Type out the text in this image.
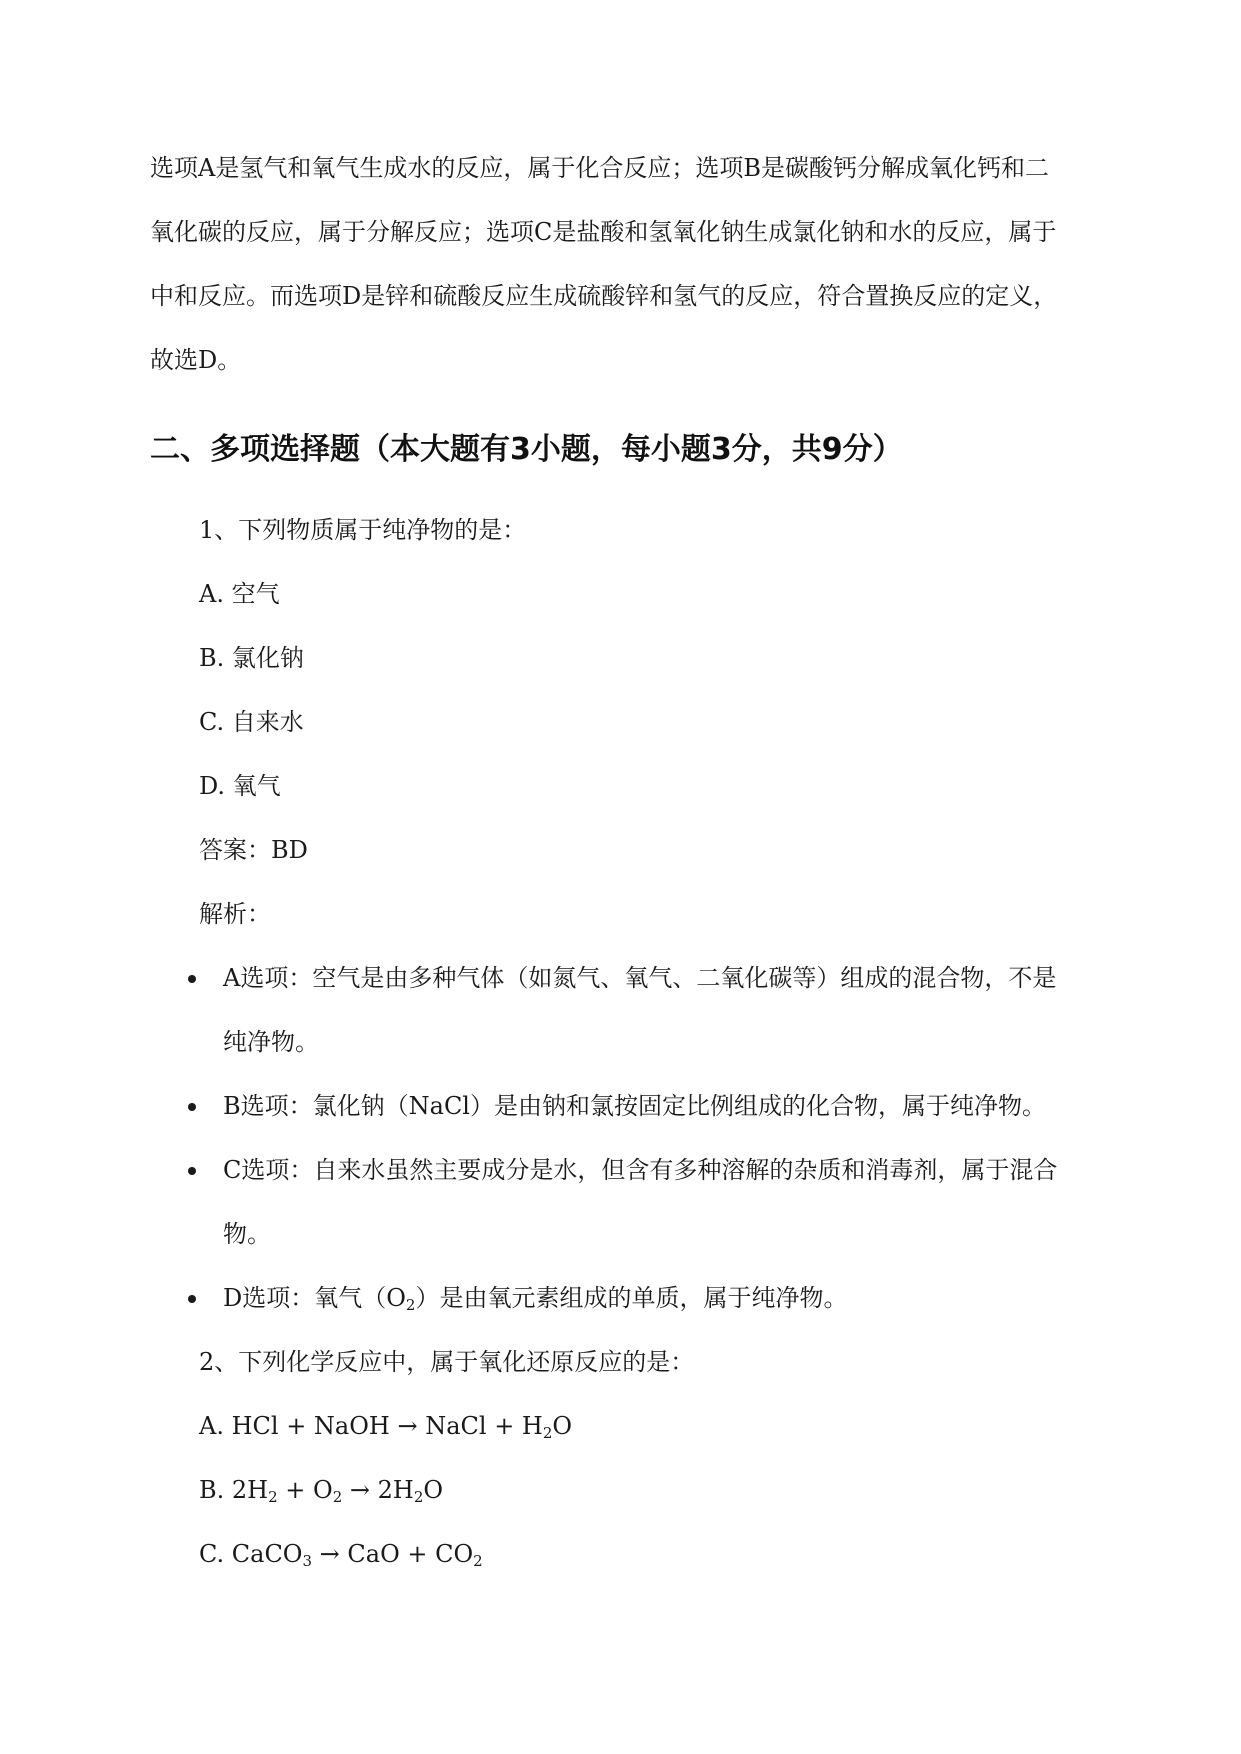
选项A是氢气和氧气生成水的反应，属于化合反应；选项B是碳酸钙分解成氧化钙和二
氧化碳的反应，属于分解反应；选项C是盐酸和氢氧化钠生成氯化钠和水的反应，属于
中和反应。而选项D是锌和硫酸反应生成硫酸锌和氢气的反应，符合置换反应的定义，
故选D。
二、多项选择题（本大题有3小题，每小题3分，共9分）
1、下列物质属于纯净物的是：
A. 空气
B. 氯化钠
C. 自来水
D. 氧气
答案：BD
解析：
A选项：空气是由多种气体（如氮气、氧气、二氧化碳等）组成的混合物，不是
纯净物。
B选项：氯化钠（NaCl）是由钠和氯按固定比例组成的化合物，属于纯净物。
C选项：自来水虽然主要成分是水，但含有多种溶解的杂质和消毒剂，属于混合
物。
D选项：氧气$(O_2)$是由氧元素组成的单质，属于纯净物。
2、下列化学反应中，属于氧化还原反应的是：
A. HCl + NaOH → NaCl + $H_2O$
B. $2H_2 + O_2 \to 2H_2O$
C. CaCO$_3$ → CaO + $CO_2$
